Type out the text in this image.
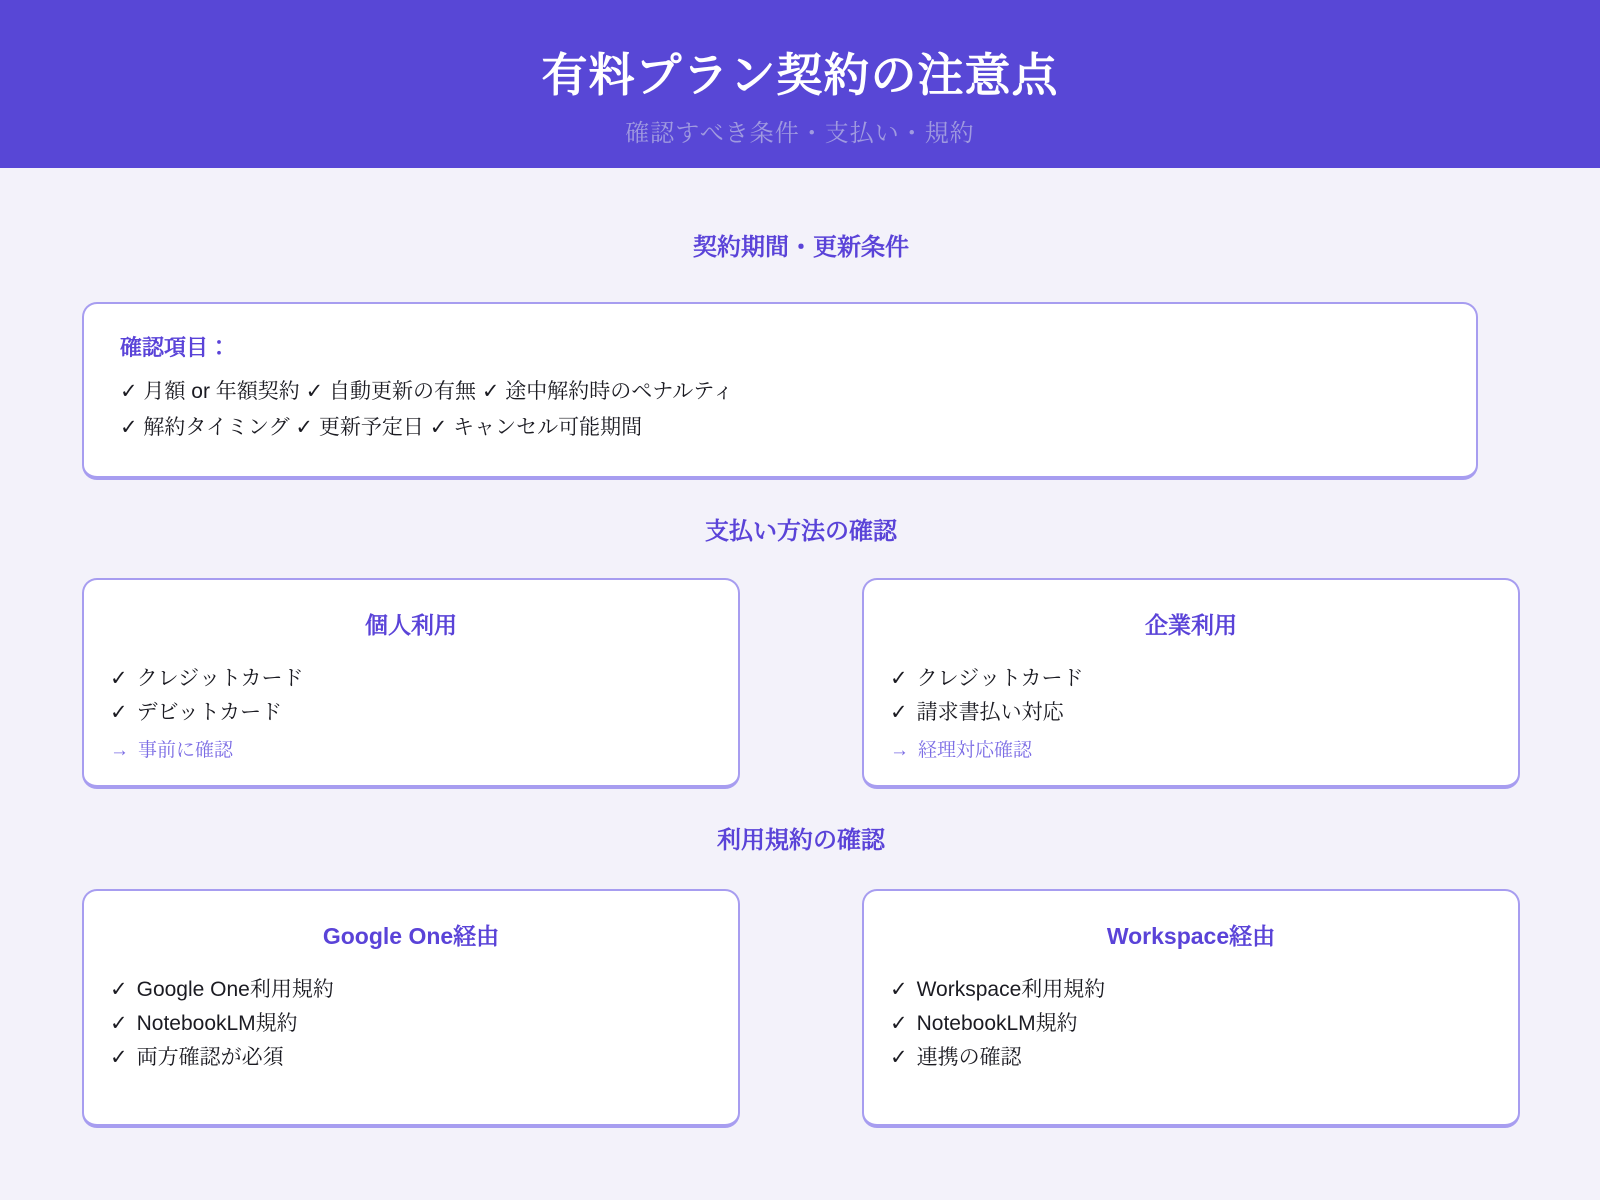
有料プラン契約の注意点
確認すべき条件・支払い・規約
契約期間・更新条件
確認項目：
✓ 月額 or 年額契約 ✓ 自動更新の有無 ✓ 途中解約時のペナルティ
✓ 解約タイミング ✓ 更新予定日 ✓ キャンセル可能期間
支払い方法の確認
個人利用
✓ クレジットカード
✓ デビットカード
→ 事前に確認
企業利用
✓ クレジットカード
✓ 請求書払い対応
→ 経理対応確認
利用規約の確認
Google One経由
✓ Google One利用規約
✓ NotebookLM規約
✓ 両方確認が必須
Workspace経由
✓ Workspace利用規約
✓ NotebookLM規約
✓ 連携の確認
